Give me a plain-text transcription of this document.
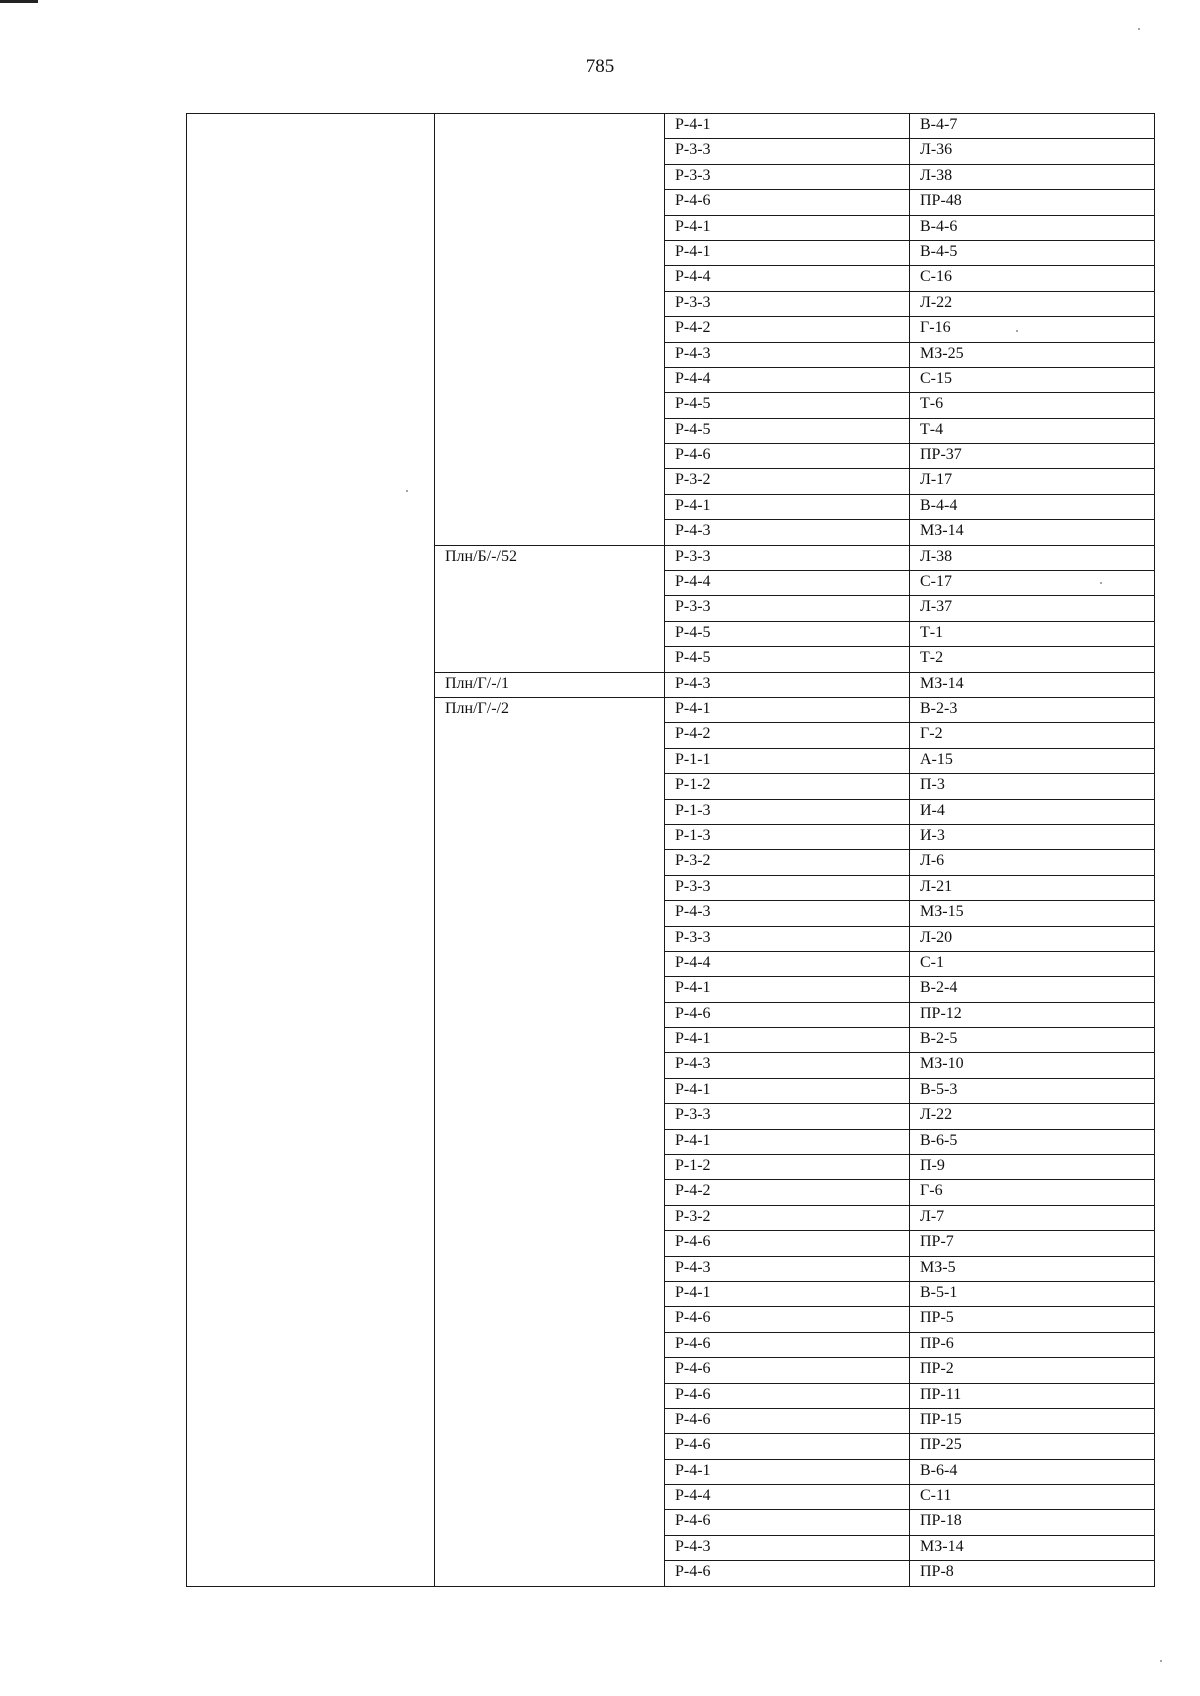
785
		Р-4-1	В-4-7
		Р-3-3	Л-36
		Р-3-3	Л-38
		Р-4-6	ПР-48
		Р-4-1	В-4-6
		Р-4-1	В-4-5
		Р-4-4	С-16
		Р-3-3	Л-22
		Р-4-2	Г-16
		Р-4-3	МЗ-25
		Р-4-4	С-15
		Р-4-5	Т-6
		Р-4-5	Т-4
		Р-4-6	ПР-37
		Р-3-2	Л-17
		Р-4-1	В-4-4
		Р-4-3	МЗ-14
	Плн/Б/-/52	Р-3-3	Л-38
		Р-4-4	С-17
		Р-3-3	Л-37
		Р-4-5	Т-1
		Р-4-5	Т-2
	Плн/Г/-/1	Р-4-3	МЗ-14
	Плн/Г/-/2	Р-4-1	В-2-3
		Р-4-2	Г-2
		Р-1-1	А-15
		Р-1-2	П-3
		Р-1-3	И-4
		Р-1-3	И-3
		Р-3-2	Л-6
		Р-3-3	Л-21
		Р-4-3	МЗ-15
		Р-3-3	Л-20
		Р-4-4	С-1
		Р-4-1	В-2-4
		Р-4-6	ПР-12
		Р-4-1	В-2-5
		Р-4-3	МЗ-10
		Р-4-1	В-5-3
		Р-3-3	Л-22
		Р-4-1	В-6-5
		Р-1-2	П-9
		Р-4-2	Г-6
		Р-3-2	Л-7
		Р-4-6	ПР-7
		Р-4-3	МЗ-5
		Р-4-1	В-5-1
		Р-4-6	ПР-5
		Р-4-6	ПР-6
		Р-4-6	ПР-2
		Р-4-6	ПР-11
		Р-4-6	ПР-15
		Р-4-6	ПР-25
		Р-4-1	В-6-4
		Р-4-4	С-11
		Р-4-6	ПР-18
		Р-4-3	МЗ-14
		Р-4-6	ПР-8
